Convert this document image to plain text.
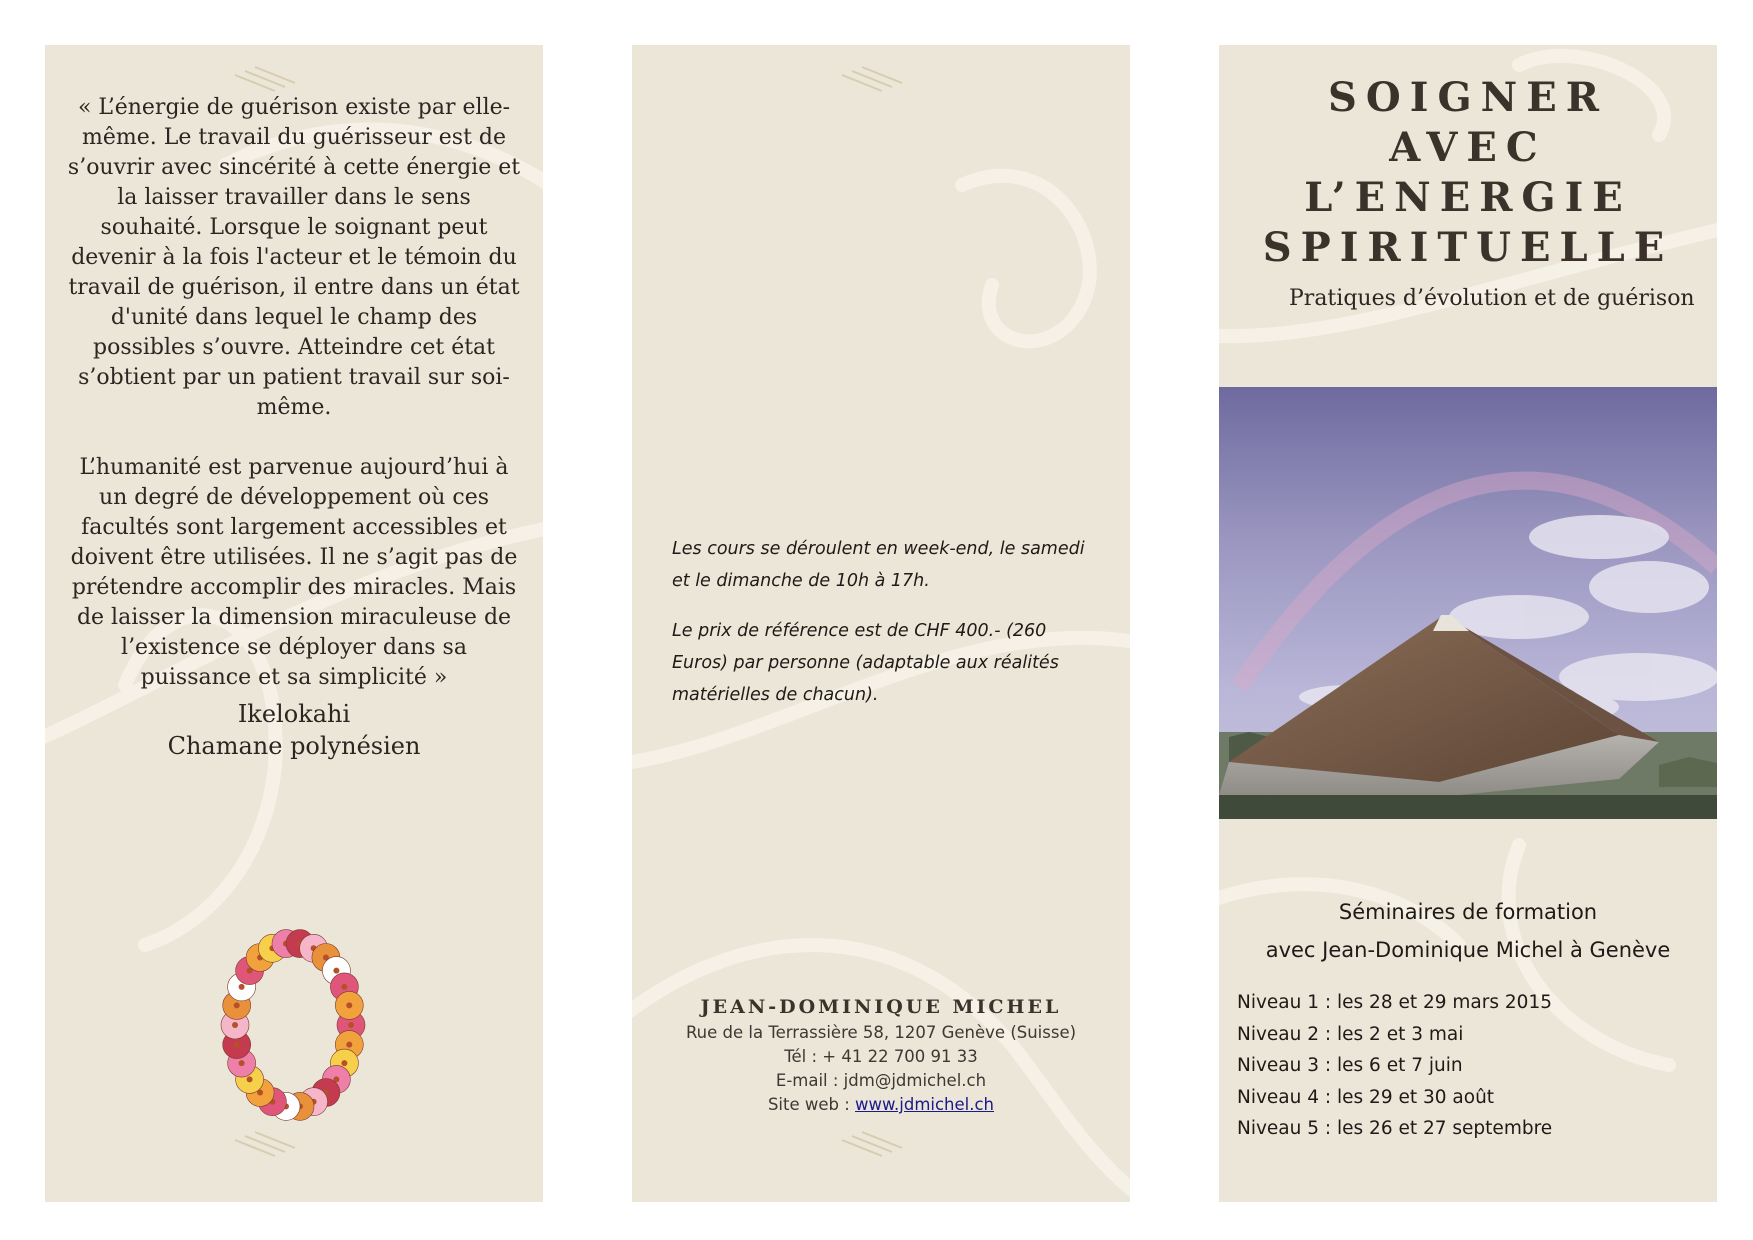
« L’énergie de guérison existe par elle-même. Le travail du guérisseur est de s’ouvrir avec sincérité à cette énergie et la laisser travailler dans le sens souhaité. Lorsque le soignant peut devenir à la fois l'acteur et le témoin du travail de guérison, il entre dans un état d'unité dans lequel le champ des possibles s’ouvre. Atteindre cet état s’obtient par un patient travail sur soi-même.

L’humanité est parvenue aujourd’hui à un degré de développement où ces facultés sont largement accessibles et doivent être utilisées. Il ne s’agit pas de prétendre accomplir des miracles. Mais de laisser la dimension miraculeuse de l’existence se déployer dans sa puissance et sa simplicité »

Ikelokahi
Chamane polynésien

Les cours se déroulent en week-end, le samedi et le dimanche de 10h à 17h.

Le prix de référence est de CHF 400.- (260 Euros) par personne (adaptable aux réalités matérielles de chacun).

JEAN-DOMINIQUE MICHEL
Rue de la Terrassière 58, 1207 Genève (Suisse)
Tél : + 41 22 700 91 33
E-mail : jdm@jdmichel.ch
Site web : www.jdmichel.ch
SOIGNER
AVEC
L’ENERGIE
SPIRITUELLE
Pratiques d’évolution et de guérison
Séminaires de formation
avec Jean-Dominique Michel à Genève
Niveau 1 : les 28 et 29 mars 2015
Niveau 2 : les 2 et 3 mai
Niveau 3 : les 6 et 7 juin
Niveau 4 : les 29 et 30 août
Niveau 5 : les 26 et 27 septembre
